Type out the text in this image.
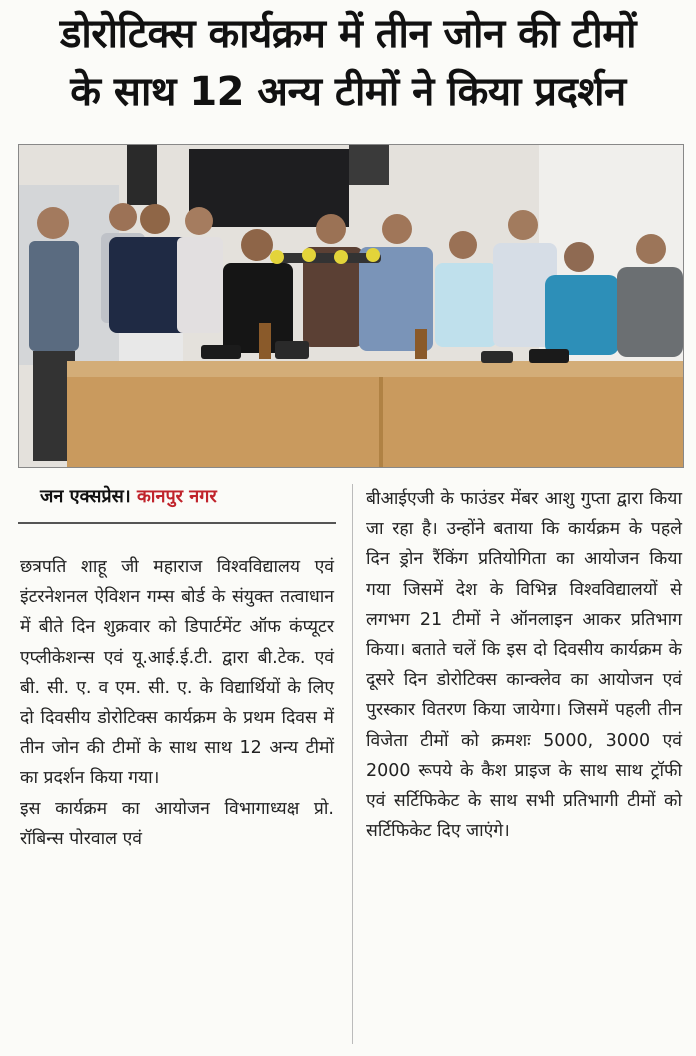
डोरोटिक्स कार्यक्रम में तीन जोन की टीमों
के साथ 12 अन्य टीमों ने किया प्रदर्शन
जन एक्सप्रेस। कानपुर नगर

छत्रपति शाहू जी महाराज विश्वविद्यालय एवं इंटरनेशनल ऐविशन गम्स बोर्ड के संयुक्त तत्वाधान में बीते दिन शुक्रवार को डिपार्टमेंट ऑफ कंप्यूटर एप्लीकेशन्स एवं यू.आई.ई.टी. द्वारा बी.टेक. एवं बी. सी. ए. व एम. सी. ए. के विद्यार्थियों के लिए दो दिवसीय डोरोटिक्स कार्यक्रम के प्रथम दिवस में तीन जोन की टीमों के साथ साथ 12 अन्य टीमों का प्रदर्शन किया गया।

इस कार्यक्रम का आयोजन विभागाध्यक्ष प्रो. रॉबिन्स पोरवाल एवं

बीआईएजी के फाउंडर मेंबर आशु गुप्ता द्वारा किया जा रहा है। उन्होंने बताया कि कार्यक्रम के पहले दिन ड्रोन रैंकिंग प्रतियोगिता का आयोजन किया गया जिसमें देश के विभिन्न विश्वविद्यालयों से लगभग 21 टीमों ने ऑनलाइन आकर प्रतिभाग किया। बताते चलें कि इस दो दिवसीय कार्यक्रम के दूसरे दिन डोरोटिक्स कान्क्लेव का आयोजन एवं पुरस्कार वितरण किया जायेगा। जिसमें पहली तीन विजेता टीमों को क्रमशः 5000, 3000 एवं 2000 रूपये के कैश प्राइज के साथ साथ ट्रॉफी एवं सर्टिफिकेट के साथ सभी प्रतिभागी टीमों को सर्टिफिकेट दिए जाएंगे।
